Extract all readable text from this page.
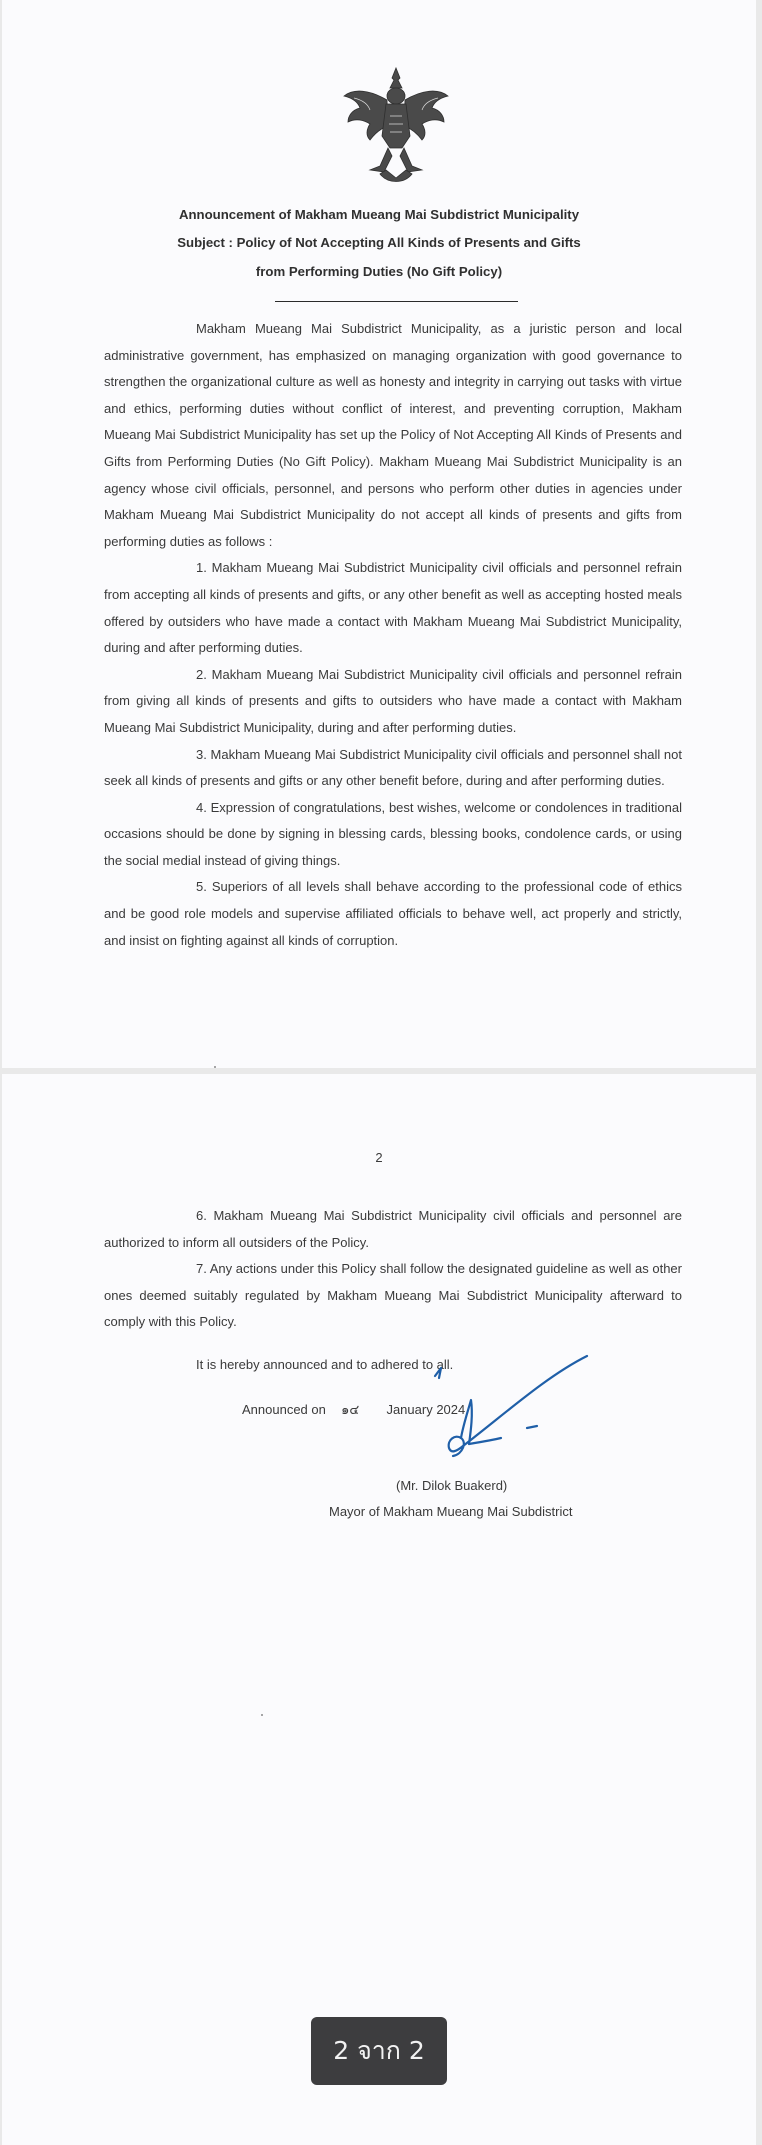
Announcement of Makham Mueang Mai Subdistrict Municipality
Subject : Policy of Not Accepting All Kinds of Presents and Gifts
from Performing Duties (No Gift Policy)

Makham Mueang Mai Subdistrict Municipality, as a juristic person and local administrative government, has emphasized on managing organization with good governance to strengthen the organizational culture as well as honesty and integrity in carrying out tasks with virtue and ethics, performing duties without conflict of interest, and preventing corruption, Makham Mueang Mai Subdistrict Municipality has set up the Policy of Not Accepting All Kinds of Presents and Gifts from Performing Duties (No Gift Policy). Makham Mueang Mai Subdistrict Municipality is an agency whose civil officials, personnel, and persons who perform other duties in agencies under Makham Mueang Mai Subdistrict Municipality do not accept all kinds of presents and gifts from performing duties as follows :

1. Makham Mueang Mai Subdistrict Municipality civil officials and personnel refrain from accepting all kinds of presents and gifts, or any other benefit as well as accepting hosted meals offered by outsiders who have made a contact with Makham Mueang Mai Subdistrict Municipality, during and after performing duties.

2. Makham Mueang Mai Subdistrict Municipality civil officials and personnel refrain from giving all kinds of presents and gifts to outsiders who have made a contact with Makham Mueang Mai Subdistrict Municipality, during and after performing duties.

3. Makham Mueang Mai Subdistrict Municipality civil officials and personnel shall not seek all kinds of presents and gifts or any other benefit before, during and after performing duties.

4. Expression of congratulations, best wishes, welcome or condolences in traditional occasions should be done by signing in blessing cards, blessing books, condolence cards, or using the social medial instead of giving things.

5. Superiors of all levels shall behave according to the professional code of ethics and be good role models and supervise affiliated officials to behave well, act properly and strictly, and insist on fighting against all kinds of corruption.

2

6. Makham Mueang Mai Subdistrict Municipality civil officials and personnel are authorized to inform all outsiders of the Policy.

7. Any actions under this Policy shall follow the designated guideline as well as other ones deemed suitably regulated by Makham Mueang Mai Subdistrict Municipality afterward to comply with this Policy.

It is hereby announced and to adhered to all.
Announced on ๑๔ January 2024
(Mr. Dilok Buakerd)
Mayor of Makham Mueang Mai Subdistrict
2 จาก 2
